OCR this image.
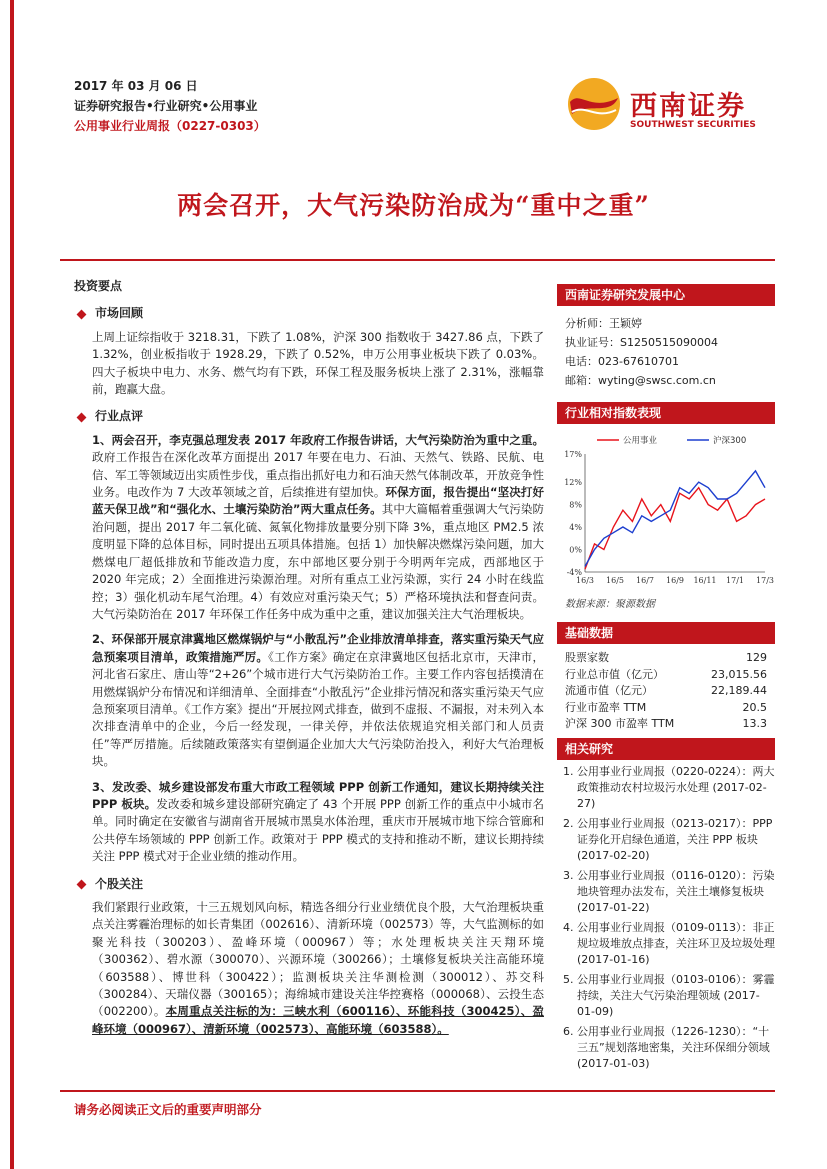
2017 年 03 月 06 日
证券研究报告•行业研究•公用事业
公用事业行业周报（0227-0303）
西南证券
SOUTHWEST SECURITIES
两会召开，大气污染防治成为“重中之重”

投资要点

市场回顾

上周上证综指收于 3218.31，下跌了 1.08%，沪深 300 指数收于 3427.86 点，下跌了 1.32%，创业板指收于 1928.29，下跌了 0.52%，申万公用事业板块下跌了 0.03%。四大子板块中电力、水务、燃气均有下跌，环保工程及服务板块上涨了 2.31%，涨幅靠前，跑赢大盘。

行业点评

1、两会召开，李克强总理发表 2017 年政府工作报告讲话，大气污染防治为重中之重。政府工作报告在深化改革方面提出 2017 年要在电力、石油、天然气、铁路、民航、电信、军工等领域迈出实质性步伐，重点指出抓好电力和石油天然气体制改革，开放竞争性业务。电改作为 7 大改革领域之首，后续推进有望加快。环保方面，报告提出“坚决打好蓝天保卫战”和“强化水、土壤污染防治”两大重点任务。其中大篇幅着重强调大气污染防治问题，提出 2017 年二氧化硫、氮氧化物排放量要分别下降 3%，重点地区 PM2.5 浓度明显下降的总体目标，同时提出五项具体措施。包括 1）加快解决燃煤污染问题，加大燃煤电厂超低排放和节能改造力度，东中部地区要分别于今明两年完成，西部地区于 2020 年完成；2）全面推进污染源治理。对所有重点工业污染源，实行 24 小时在线监控；3）强化机动车尾气治理。4）有效应对重污染天气；5）严格环境执法和督查问责。大气污染防治在 2017 年环保工作任务中成为重中之重，建议加强关注大气治理板块。

2、环保部开展京津冀地区燃煤锅炉与“小散乱污”企业排放清单排查，落实重污染天气应急预案项目清单，政策措施严厉。《工作方案》确定在京津冀地区包括北京市，天津市，河北省石家庄、唐山等“2+26”个城市进行大气污染防治工作。主要工作内容包括摸清在用燃煤锅炉分布情况和详细清单、全面排查“小散乱污”企业排污情况和落实重污染天气应急预案项目清单。《工作方案》提出“开展拉网式排查，做到不虚报、不漏报，对未列入本次排查清单中的企业，今后一经发现，一律关停，并依法依规追究相关部门和人员责任”等严厉措施。后续随政策落实有望倒逼企业加大大气污染防治投入，利好大气治理板块。

3、发改委、城乡建设部发布重大市政工程领域 PPP 创新工作通知，建议长期持续关注 PPP 板块。发改委和城乡建设部研究确定了 43 个开展 PPP 创新工作的重点中小城市名单。同时确定在安徽省与湖南省开展城市黑臭水体治理，重庆市开展城市地下综合管廊和公共停车场领域的 PPP 创新工作。政策对于 PPP 模式的支持和推动不断，建议长期持续关注 PPP 模式对于企业业绩的推动作用。

个股关注

我们紧跟行业政策，十三五规划风向标，精选各细分行业业绩优良个股，大气治理板块重点关注雾霾治理标的如长青集团（002616）、清新环境（002573）等，大气监测标的如聚光科技（300203）、盈峰环境（000967）等；水处理板块关注天翔环境（300362）、碧水源（300070）、兴源环境（300266）；土壤修复板块关注高能环境（603588）、博世科（300422）；监测板块关注华测检测（300012）、苏交科（300284）、天瑞仪器（300165）；海绵城市建设关注华控赛格（000068）、云投生态（002200）。本周重点关注标的为：三峡水利（600116）、环能科技（300425）、盈峰环境（000967）、清新环境（002573）、高能环境（603588）。

西南证券研究发展中心
分析师：王颖婷
执业证号：S1250515090004
电话：023-67610701
邮箱：wyting@swsc.com.cn
行业相对指数表现
-4%
0%
4%
8%
12%
17%
16/3 16/5 16/7 16/9 16/11 17/1 17/3
公用事业	沪深300
数据来源：聚源数据
基础数据
股票家数	129
行业总市值（亿元）	23,015.56
流通市值（亿元）	22,189.44
行业市盈率 TTM	20.5
沪深 300 市盈率 TTM	13.3
相关研究
1. 公用事业行业周报（0220-0224）：两大政策推动农村垃圾污水处理 (2017-02-27)
2. 公用事业行业周报（0213-0217）：PPP 证券化开启绿色通道，关注 PPP 板块 (2017-02-20)
3. 公用事业行业周报（0116-0120）：污染地块管理办法发布，关注土壤修复板块 (2017-01-22)
4. 公用事业行业周报（0109-0113）：非正规垃圾堆放点排查，关注环卫及垃圾处理 (2017-01-16)
5. 公用事业行业周报（0103-0106）：雾霾持续，关注大气污染治理领域 (2017-01-09)
6. 公用事业行业周报（1226-1230）：“十三五”规划落地密集，关注环保细分领域 (2017-01-03)
请务必阅读正文后的重要声明部分
